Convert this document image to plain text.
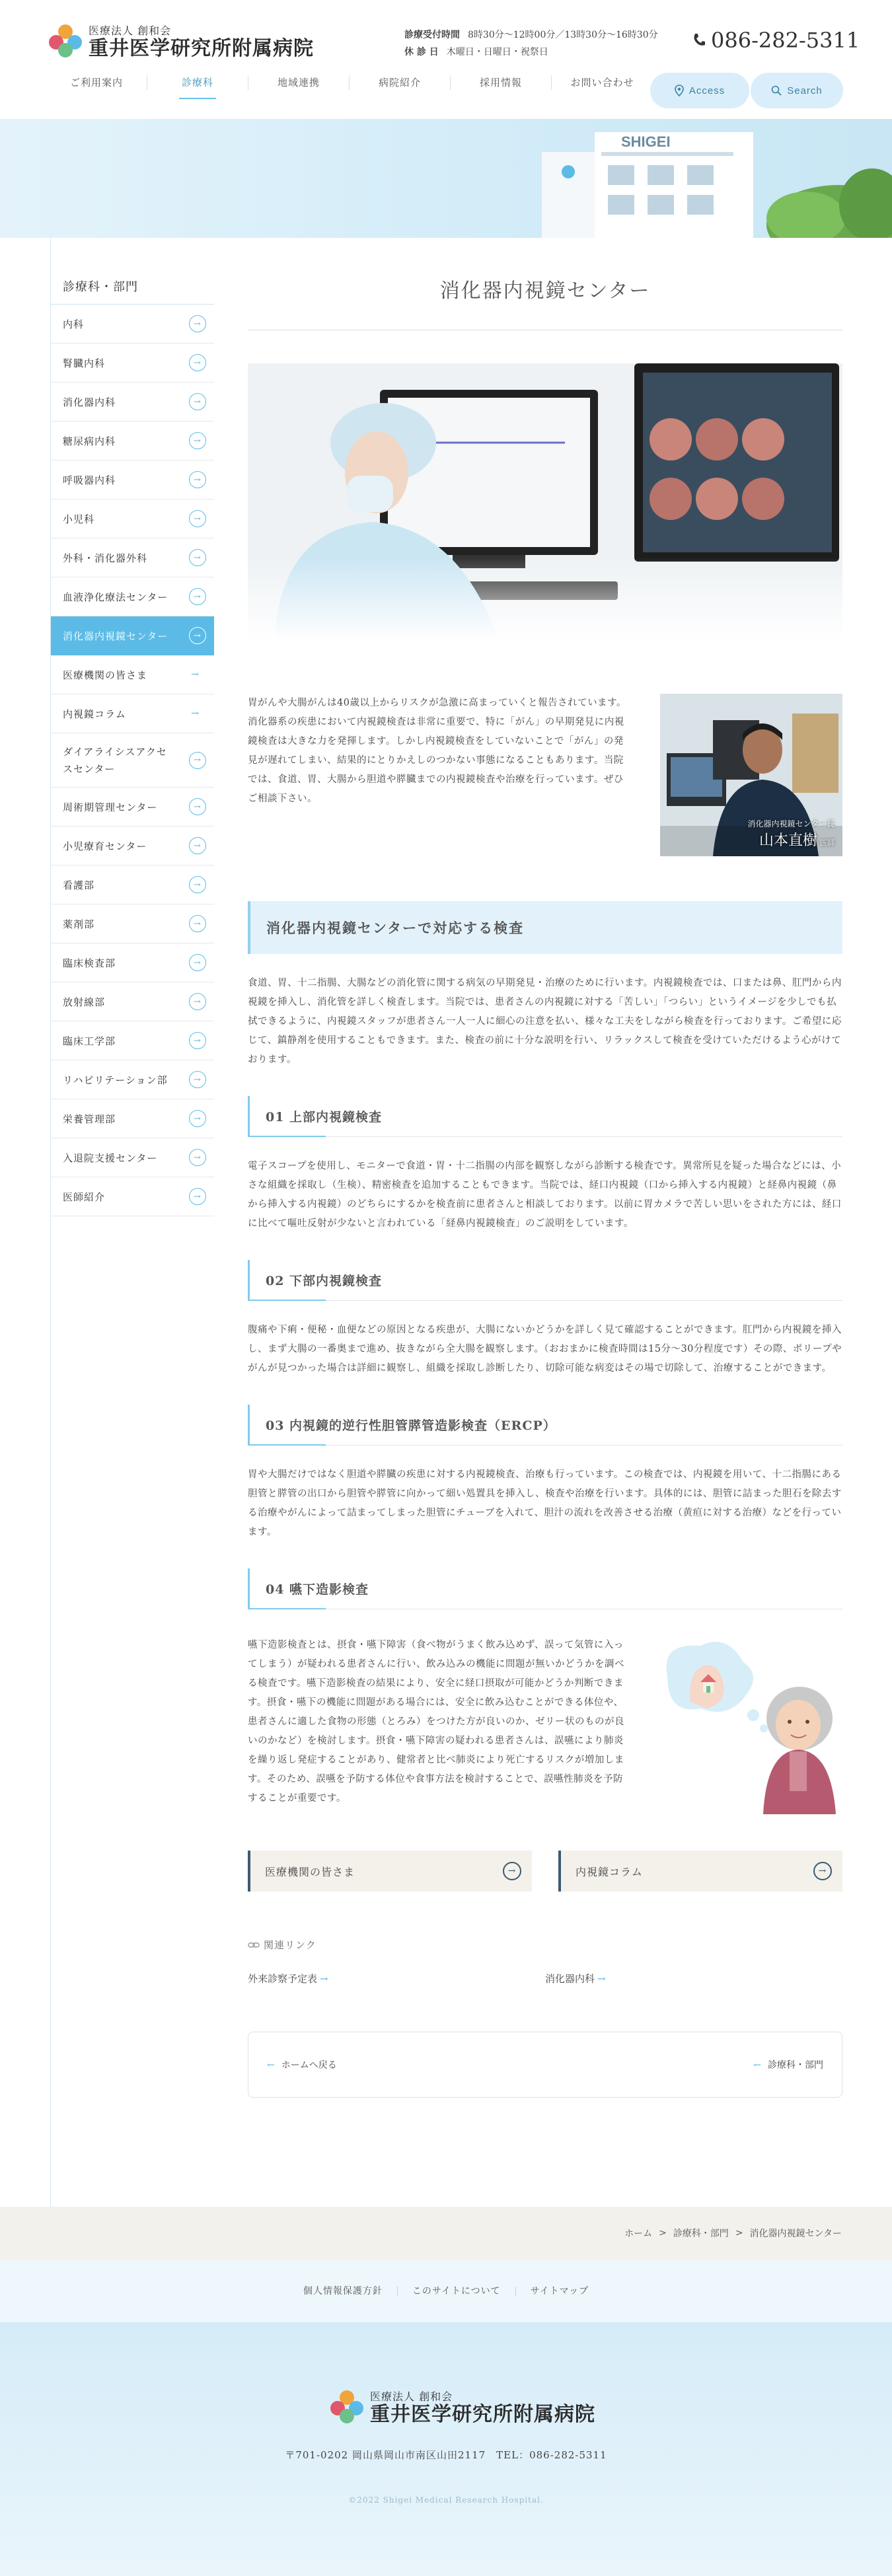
医療法人 創和会
重井医学研究所附属病院
診療受付時間 8時30分〜12時00分／13時30分〜16時30分
休 診 日 木曜日・日曜日・祝祭日	086-282-5311
ご利用案内	診療科	地域連携	病院紹介	採用情報	お問い合わせ
Access	Search
SHIGEI
診療科・部門
内科	→
腎臓内科	→
消化器内科	→
糖尿病内科	→
呼吸器内科	→
小児科	→
外科・消化器外科	→
血液浄化療法センター	→
消化器内視鏡センター	→
医療機関の皆さま	→
内視鏡コラム	→
ダイアライシスアクセスセンター
→
周術期管理センター	→
小児療育センター	→
看護部	→
薬剤部	→
臨床検査部	→
放射線部	→
臨床工学部	→
リハビリテーション部	→
栄養管理部	→
入退院支援センター	→
医師紹介	→
消化器内視鏡センター

胃がんや大腸がんは40歳以上からリスクが急激に高まっていくと報告されています。消化器系の疾患において内視鏡検査は非常に重要で、特に「がん」の早期発見に内視鏡検査は大きな力を発揮します。しかし内視鏡検査をしていないことで「がん」の発見が遅れてしまい、結果的にとりかえしのつかない事態になることもあります。当院では、食道、胃、大腸から胆道や膵臓までの内視鏡検査や治療を行っています。ぜひご相談下さい。

消化器内視鏡センター長
山本直樹 医師
消化器内視鏡センターで対応する検査

食道、胃、十二指腸、大腸などの消化管に関する病気の早期発見・治療のために行います。内視鏡検査では、口または鼻、肛門から内視鏡を挿入し、消化管を詳しく検査します。当院では、患者さんの内視鏡に対する「苦しい」「つらい」というイメージを少しでも払拭できるように、内視鏡スタッフが患者さん一人一人に細心の注意を払い、様々な工夫をしながら検査を行っております。ご希望に応じて、鎮静剤を使用することもできます。また、検査の前に十分な説明を行い、リラックスして検査を受けていただけるよう心がけております。

01 上部内視鏡検査

電子スコープを使用し、モニターで食道・胃・十二指腸の内部を観察しながら診断する検査です。異常所見を疑った場合などには、小さな組織を採取し（生検）、精密検査を追加することもできます。当院では、経口内視鏡（口から挿入する内視鏡）と経鼻内視鏡（鼻から挿入する内視鏡）のどちらにするかを検査前に患者さんと相談しております。以前に胃カメラで苦しい思いをされた方には、経口に比べて嘔吐反射が少ないと言われている「経鼻内視鏡検査」のご説明をしています。

02 下部内視鏡検査

腹痛や下痢・便秘・血便などの原因となる疾患が、大腸にないかどうかを詳しく見て確認することができます。肛門から内視鏡を挿入し、まず大腸の一番奥まで進め、抜きながら全大腸を観察します。（おおまかに検査時間は15分〜30分程度です）その際、ポリープやがんが見つかった場合は詳細に観察し、組織を採取し診断したり、切除可能な病変はその場で切除して、治療することができます。

03 内視鏡的逆行性胆管膵管造影検査（ERCP）

胃や大腸だけではなく胆道や膵臓の疾患に対する内視鏡検査、治療も行っています。この検査では、内視鏡を用いて、十二指腸にある胆管と膵管の出口から胆管や膵管に向かって細い処置具を挿入し、検査や治療を行います。具体的には、胆管に詰まった胆石を除去する治療やがんによって詰まってしまった胆管にチューブを入れて、胆汁の流れを改善させる治療（黄疸に対する治療）などを行っています。

04 嚥下造影検査

嚥下造影検査とは、摂食・嚥下障害（食べ物がうまく飲み込めず、誤って気管に入ってしまう）が疑われる患者さんに行い、飲み込みの機能に問題が無いかどうかを調べる検査です。嚥下造影検査の結果により、安全に経口摂取が可能かどうか判断できます。摂食・嚥下の機能に問題がある場合には、安全に飲み込むことができる体位や、患者さんに適した食物の形態（とろみ）をつけた方が良いのか、ゼリー状のものが良いのかなど）を検討します。摂食・嚥下障害の疑われる患者さんは、誤嚥により肺炎を繰り返し発症することがあり、健常者と比べ肺炎により死亡するリスクが増加します。そのため、誤嚥を予防する体位や食事方法を検討することで、誤嚥性肺炎を予防することが重要です。

医療機関の皆さま	→	内視鏡コラム	→
関連リンク
外来診察予定表 →	消化器内科 →
← ホームへ戻る	← 診療科・部門
ホーム > 診療科・部門 > 消化器内視鏡センター
個人情報保護方針	このサイトについて	サイトマップ
医療法人 創和会
重井医学研究所附属病院
〒701-0202 岡山県岡山市南区山田2117　TEL：086-282-5311
©2022 Shigei Medical Research Hospital.
